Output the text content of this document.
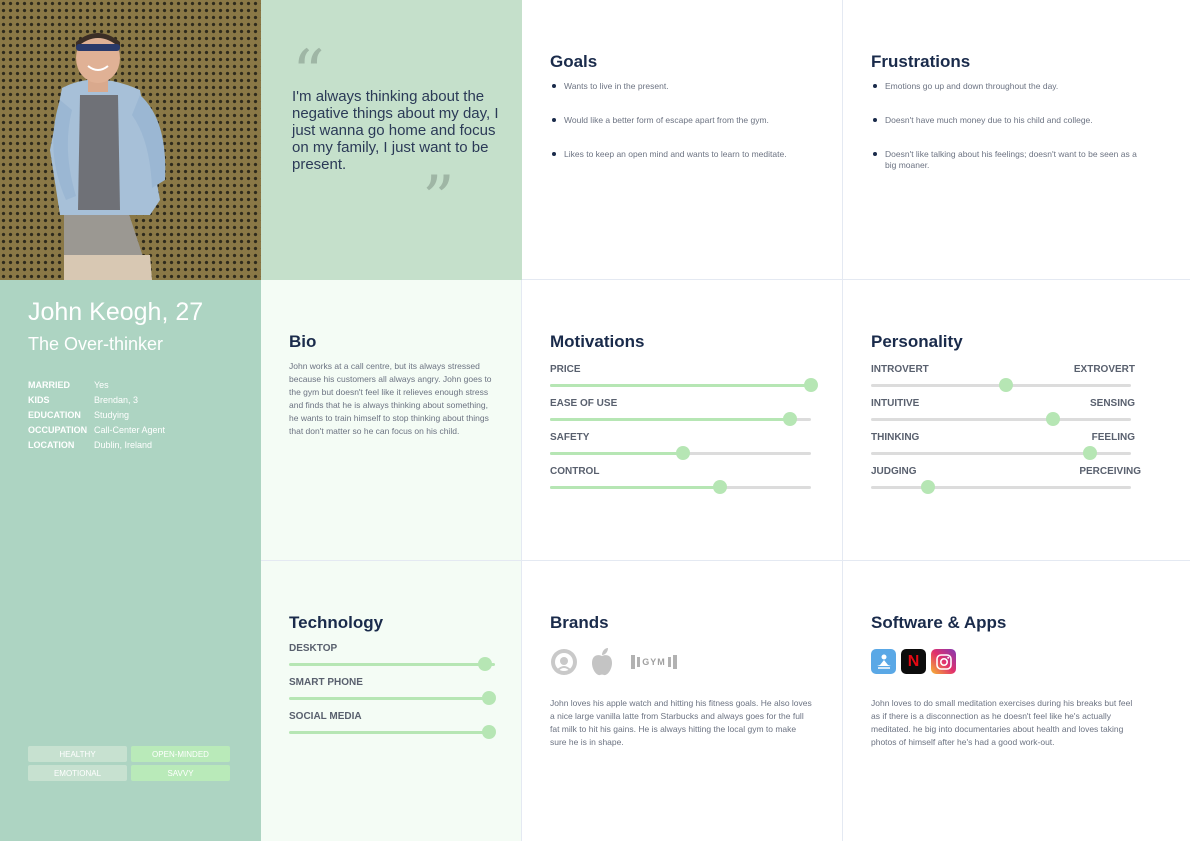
“
I'm always thinking about the negative things about my day, I just wanna go home and focus on my family, I just want to be present.	”
Goals
Wants to live in the present.
Would like a better form of escape apart from the gym.
Likes to keep an open mind and wants to learn to meditate.
Frustrations
Emotions go up and down throughout the day.
Doesn't have much money due to his child and college.
Doesn't like talking about his feelings; doesn't want to be seen as a big moaner.
John Keogh, 27
The Over-thinker
MARRIED	Yes
KIDS	Brendan, 3
EDUCATION	Studying
OCCUPATION Call-Center Agent
LOCATION	Dublin, Ireland
HEALTHY	OPEN-MINDED
EMOTIONAL	SAVVY
Bio
John works at a call centre, but its always stressed because his customers all always angry. John goes to the gym but doesn't feel like it relieves enough stress and finds that he is always thinking about something, he wants to train himself to stop thinking about things that don't matter so he can focus on his child.
Motivations
PRICE
EASE OF USE
SAFETY
CONTROL
Personality
INTROVERT	EXTROVERT
INTUITIVE	SENSING
THINKING	FEELING
JUDGING	PERCEIVING
Technology
DESKTOP
SMART PHONE
SOCIAL MEDIA
Brands
GYM
John loves his apple watch and hitting his fitness goals. He also loves a nice large vanilla latte from Starbucks and always goes for the full fat milk to hit his gains. He is always hitting the local gym to make sure he is in shape.
Software & Apps
N
John loves to do small meditation exercises during his breaks but feel as if there is a disconnection as he doesn't feel like he's actually meditated. he big into documentaries about health and loves taking photos of himself after he's had a good work-out.
